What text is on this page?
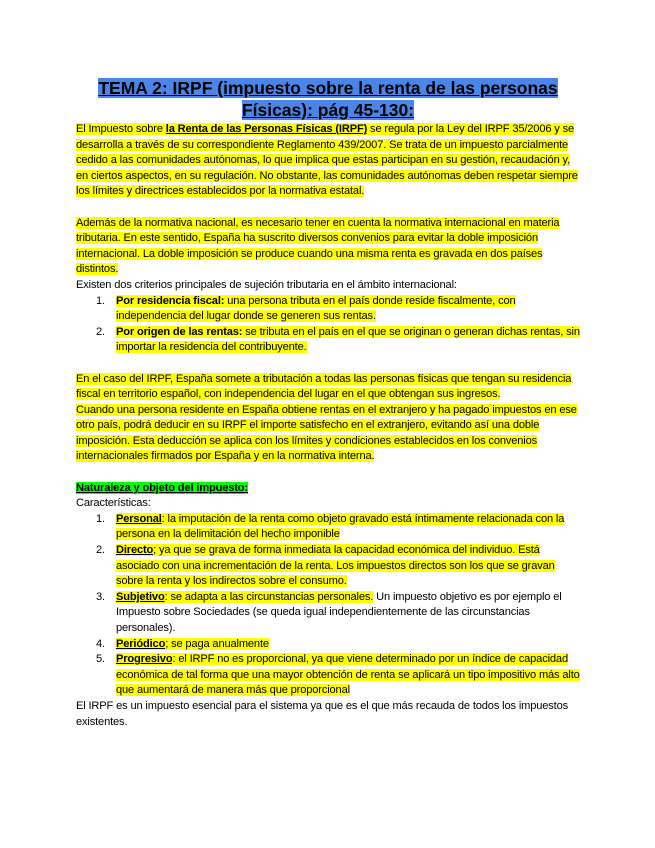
TEMA 2: IRPF (impuesto sobre la renta de las personas Físicas): pág 45-130:

El Impuesto sobre la Renta de las Personas Físicas (IRPF) se regula por la Ley del IRPF 35/2006 y se desarrolla a través de su correspondiente Reglamento 439/2007. Se trata de un impuesto parcialmente cedido a las comunidades autónomas, lo que implica que estas participan en su gestión, recaudación y, en ciertos aspectos, en su regulación. No obstante, las comunidades autónomas deben respetar siempre los límites y directrices establecidos por la normativa estatal.

Además de la normativa nacional, es necesario tener en cuenta la normativa internacional en materia tributaria. En este sentido, España ha suscrito diversos convenios para evitar la doble imposición internacional. La doble imposición se produce cuando una misma renta es gravada en dos países distintos.

Existen dos criterios principales de sujeción tributaria en el ámbito internacional:

1. Por residencia fiscal: una persona tributa en el país donde reside fiscalmente, con independencia del lugar donde se generen sus rentas.
2. Por origen de las rentas: se tributa en el país en el que se originan o generan dichas rentas, sin importar la residencia del contribuyente.

En el caso del IRPF, España somete a tributación a todas las personas físicas que tengan su residencia fiscal en territorio español, con independencia del lugar en el que obtengan sus ingresos.

Cuando una persona residente en España obtiene rentas en el extranjero y ha pagado impuestos en ese otro país, podrá deducir en su IRPF el importe satisfecho en el extranjero, evitando así una doble imposición. Esta deducción se aplica con los límites y condiciones establecidos en los convenios internacionales firmados por España y en la normativa interna.

Naturaleza y objeto del impuesto:

Características:

1. Personal: la imputación de la renta como objeto gravado está íntimamente relacionada con la persona en la delimitación del hecho imponible
2. Directo; ya que se grava de forma inmediata la capacidad económica del individuo. Está asociado con una incrementación de la renta. Los impuestos directos son los que se gravan sobre la renta y los indirectos sobre el consumo.
3. Subjetivo: se adapta a las circunstancias personales. Un impuesto objetivo es por ejemplo el Impuesto sobre Sociedades (se queda igual independientemente de las circunstancias personales).
4. Periódico; se paga anualmente
5. Progresivo: el IRPF no es proporcional, ya que viene determinado por un índice de capacidad económica de tal forma que una mayor obtención de renta se aplicará un tipo impositivo más alto que aumentará de manera más que proporcional

El IRPF es un impuesto esencial para el sistema ya que es el que más recauda de todos los impuestos existentes.
